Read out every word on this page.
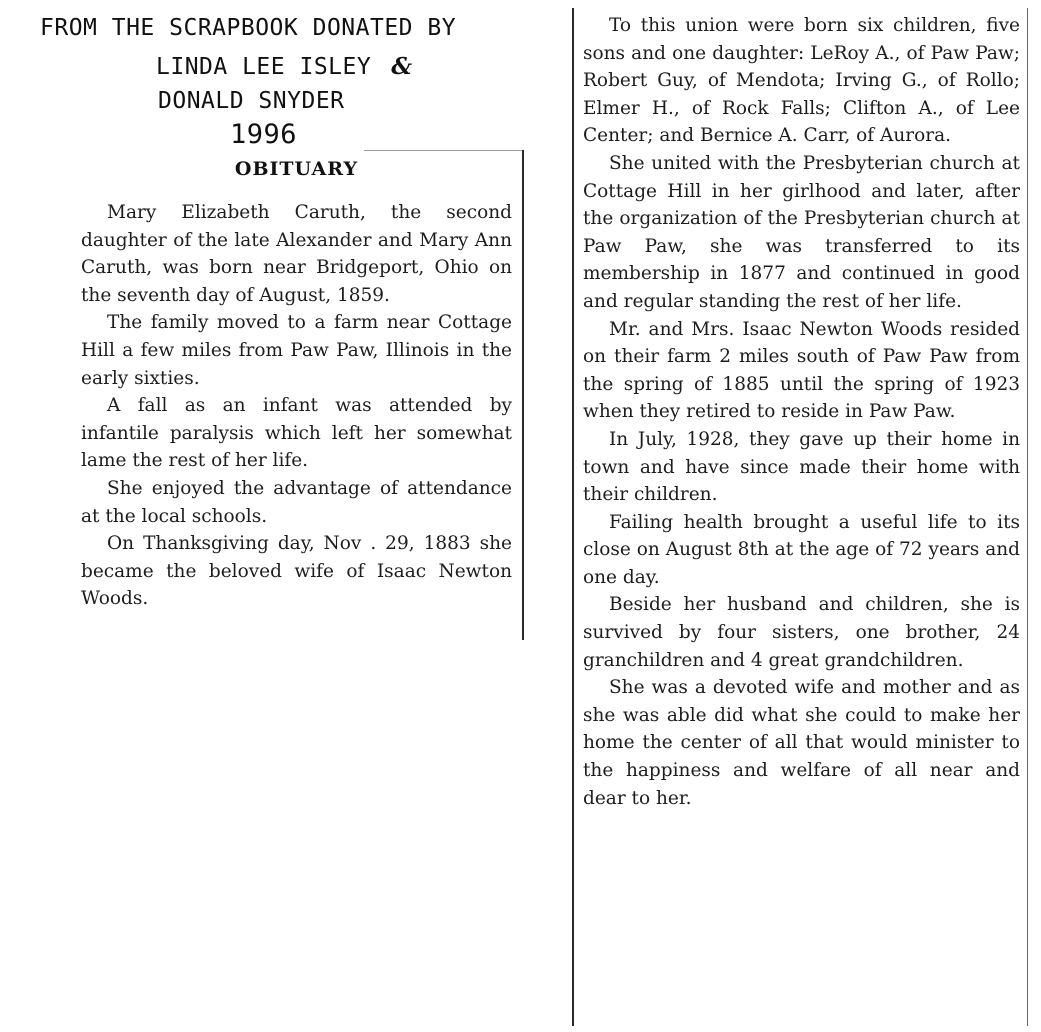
FROM THE SCRAPBOOK DONATED BY
LINDA LEE ISLEY &
DONALD SNYDER
1996
OBITUARY

Mary Elizabeth Caruth, the second daughter of the late Alexander and Mary Ann Caruth, was born near Bridgeport, Ohio on the seventh day of August, 1859.

The family moved to a farm near Cottage Hill a few miles from Paw Paw, Illinois in the early sixties.

A fall as an infant was attended by infantile paralysis which left her somewhat lame the rest of her life.

She enjoyed the advantage of attendance at the local schools.

On Thanksgiving day, Nov . 29, 1883 she became the beloved wife of Isaac Newton Woods.

To this union were born six children, five sons and one daughter: LeRoy A., of Paw Paw; Robert Guy, of Mendota; Irving G., of Rollo; Elmer H., of Rock Falls; Clifton A., of Lee Center; and Bernice A. Carr, of Aurora.

She united with the Presbyterian church at Cottage Hill in her girlhood and later, after the organization of the Presbyterian church at Paw Paw, she was transferred to its membership in 1877 and continued in good and regular standing the rest of her life.

Mr. and Mrs. Isaac Newton Woods resided on their farm 2 miles south of Paw Paw from the spring of 1885 until the spring of 1923 when they retired to reside in Paw Paw.

In July, 1928, they gave up their home in town and have since made their home with their children.

Failing health brought a useful life to its close on August 8th at the age of 72 years and one day.

Beside her husband and children, she is survived by four sisters, one brother, 24 granchildren and 4 great grandchildren.

She was a devoted wife and mother and as she was able did what she could to make her home the center of all that would minister to the happiness and welfare of all near and dear to her.
